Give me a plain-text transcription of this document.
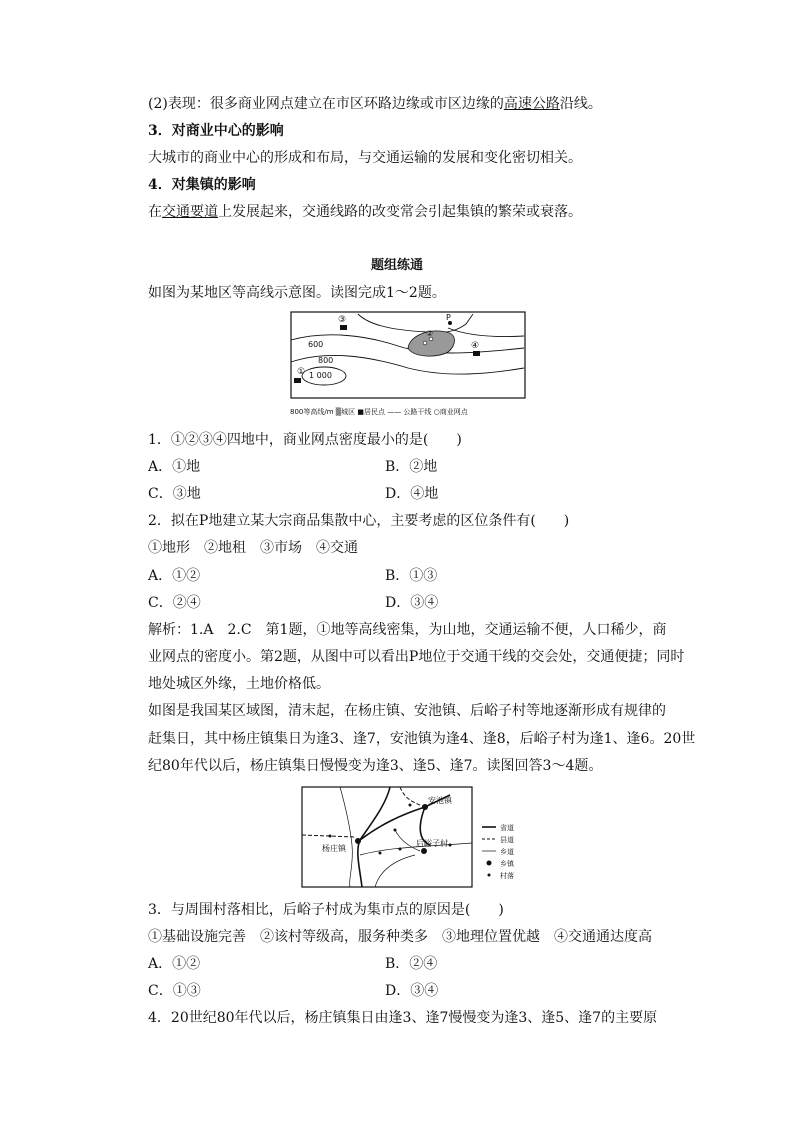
(2)表现：很多商业网点建立在市区环路边缘或市区边缘的高速公路沿线。
3．对商业中心的影响
大城市的商业中心的形成和布局，与交通运输的发展和变化密切相关。
4．对集镇的影响
在交通要道上发展起来，交通线路的改变常会引起集镇的繁荣或衰落。
题组练通
如图为某地区等高线示意图。读图完成1～2题。
③
②
④
①
P
600
800
1 000
800等高线/m ▒城区 ■居民点 —— 公路干线 ○商业网点
1．①②③④四地中，商业网点密度最小的是(　　)
A．①地	B．②地
C．③地	D．④地
2．拟在P地建立某大宗商品集散中心，主要考虑的区位条件有(　　)
①地形　②地租　③市场　④交通
A．①②	B．①③
C．②④	D．③④
解析：1.A　2.C　第1题，①地等高线密集，为山地，交通运输不便，人口稀少，商
业网点的密度小。第2题，从图中可以看出P地位于交通干线的交会处，交通便捷；同时
地处城区外缘，土地价格低。
如图是我国某区域图，清末起，在杨庄镇、安池镇、后峪子村等地逐渐形成有规律的
赶集日，其中杨庄镇集日为逢3、逢7，安池镇为逢4、逢8，后峪子村为逢1、逢6。20世
纪80年代以后，杨庄镇集日慢慢变为逢3、逢5、逢7。读图回答3～4题。
安池镇
杨庄镇
后峪子村
省道
县道
乡道
乡镇
村落
3．与周围村落相比，后峪子村成为集市点的原因是(　　)
①基础设施完善　②该村等级高，服务种类多　③地理位置优越　④交通通达度高
A．①②	B．②④
C．①③	D．③④
4．20世纪80年代以后，杨庄镇集日由逢3、逢7慢慢变为逢3、逢5、逢7的主要原
